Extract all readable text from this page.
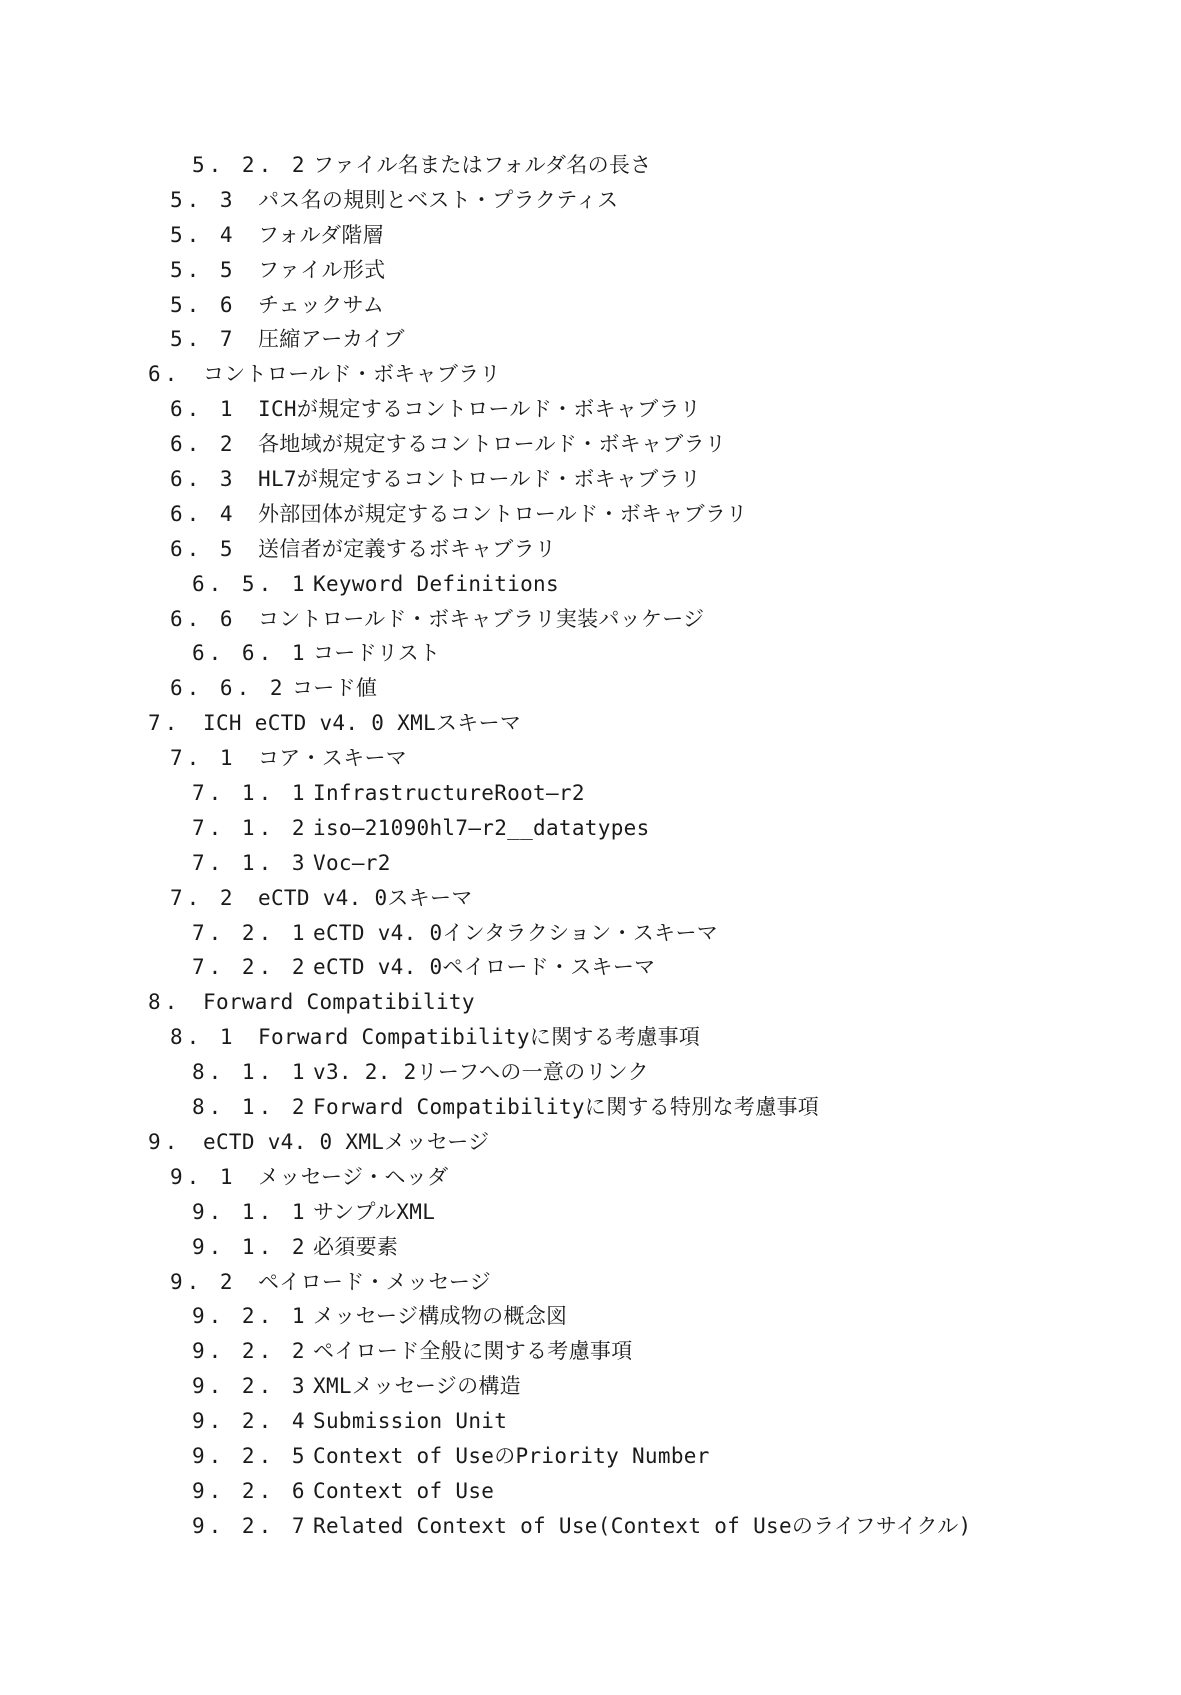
5. 2. 2 ファイル名またはフォルダ名の長さ
5. 3 パス名の規則とベスト・プラクティス
5. 4 フォルダ階層
5. 5 ファイル形式
5. 6 チェックサム
5. 7 圧縮アーカイブ
6. コントロールド・ボキャブラリ
6. 1 ICHが規定するコントロールド・ボキャブラリ
6. 2 各地域が規定するコントロールド・ボキャブラリ
6. 3 HL7が規定するコントロールド・ボキャブラリ
6. 4 外部団体が規定するコントロールド・ボキャブラリ
6. 5 送信者が定義するボキャブラリ
6. 5. 1 Keyword Definitions
6. 6 コントロールド・ボキャブラリ実装パッケージ
6. 6. 1 コードリスト
6. 6. 2 コード値
7. ICH eCTD v4. 0 XMLスキーマ
7. 1 コア・スキーマ
7. 1. 1 InfrastructureRoot—r2
7. 1. 2 iso—21090hl7—r2__datatypes
7. 1. 3 Voc—r2
7. 2 eCTD v4. 0スキーマ
7. 2. 1 eCTD v4. 0インタラクション・スキーマ
7. 2. 2 eCTD v4. 0ペイロード・スキーマ
8. Forward Compatibility
8. 1 Forward Compatibilityに関する考慮事項
8. 1. 1 v3. 2. 2リーフへの一意のリンク
8. 1. 2 Forward Compatibilityに関する特別な考慮事項
9. eCTD v4. 0 XMLメッセージ
9. 1 メッセージ・ヘッダ
9. 1. 1 サンプルXML
9. 1. 2 必須要素
9. 2 ペイロード・メッセージ
9. 2. 1 メッセージ構成物の概念図
9. 2. 2 ペイロード全般に関する考慮事項
9. 2. 3 XMLメッセージの構造
9. 2. 4 Submission Unit
9. 2. 5 Context of UseのPriority Number
9. 2. 6 Context of Use
9. 2. 7 Related Context of Use(Context of Useのライフサイクル)
